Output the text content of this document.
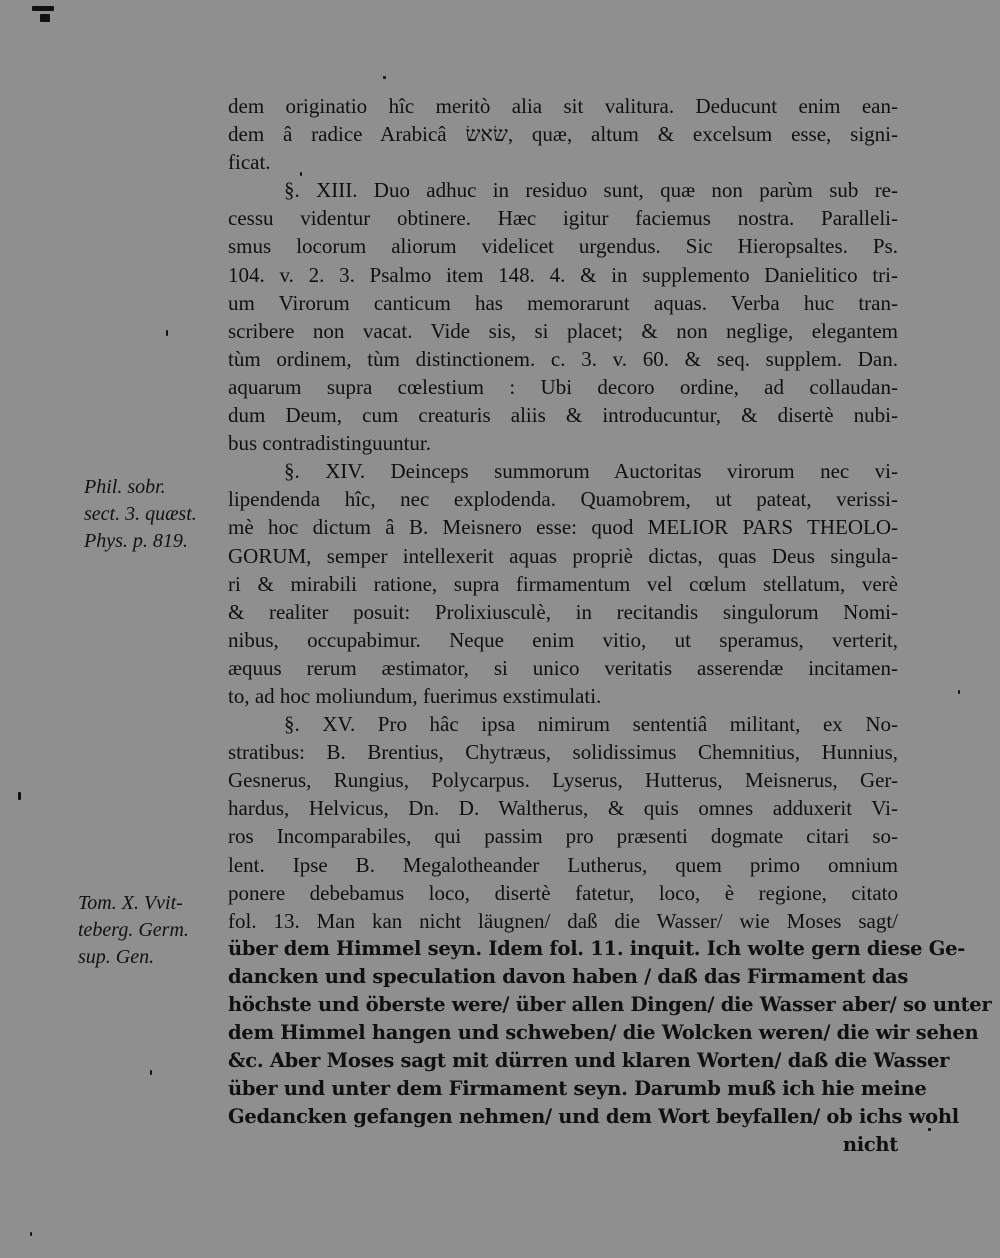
Phil. sobr.
sect. 3. quæst.
Phys. p. 819.
Tom. X. Vvit-
teberg. Germ.
sup. Gen.
dem originatio hîc meritò alia sit valitura. Deducunt enim ean-
dem â radice Arabicâ שׂאשׂ, quæ, altum & excelsum esse, signi-
ficat.
§. XIII. Duo adhuc in residuo sunt, quæ non parùm sub re-
cessu videntur obtinere. Hæc igitur faciemus nostra. Paralleli-
smus locorum aliorum videlicet urgendus. Sic Hieropsaltes. Ps.
104. v. 2. 3. Psalmo item 148. 4. & in supplemento Danielitico tri-
um Virorum canticum has memorarunt aquas. Verba huc tran-
scribere non vacat. Vide sis, si placet; & non neglige, elegantem
tùm ordinem, tùm distinctionem. c. 3. v. 60. & seq. supplem. Dan.
aquarum supra cœlestium : Ubi decoro ordine, ad collaudan-
dum Deum, cum creaturis aliis & introducuntur, & disertè nubi-
bus contradistinguuntur.
§. XIV. Deinceps summorum Auctoritas virorum nec vi-
lipendenda hîc, nec explodenda. Quamobrem, ut pateat, verissi-
mè hoc dictum â B. Meisnero esse: quod MELIOR PARS THEOLO-
GORUM, semper intellexerit aquas propriè dictas, quas Deus singula-
ri & mirabili ratione, supra firmamentum vel cœlum stellatum, verè
& realiter posuit: Prolixiusculè, in recitandis singulorum Nomi-
nibus, occupabimur. Neque enim vitio, ut speramus, verterit,
æquus rerum æstimator, si unico veritatis asserendæ incitamen-
to, ad hoc moliundum, fuerimus exstimulati.
§. XV. Pro hâc ipsa nimirum sententiâ militant, ex No-
stratibus: B. Brentius, Chytræus, solidissimus Chemnitius, Hunnius,
Gesnerus, Rungius, Polycarpus. Lyserus, Hutterus, Meisnerus, Ger-
hardus, Helvicus, Dn. D. Waltherus, & quis omnes adduxerit Vi-
ros Incomparabiles, qui passim pro præsenti dogmate citari so-
lent. Ipse B. Megalotheander Lutherus, quem primo omnium
ponere debebamus loco, disertè fatetur, loco, è regione, citato
fol. 13. Man kan nicht läugnen/ daß die Wasser/ wie Moses sagt/
über dem Himmel seyn. Idem fol. 11. inquit. Ich wolte gern diese Ge-
dancken und speculation davon haben / daß das Firmament das
höchste und öberste were/ über allen Dingen/ die Wasser aber/ so unter
dem Himmel hangen und schweben/ die Wolcken weren/ die wir sehen
&c. Aber Moses sagt mit dürren und klaren Worten/ daß die Wasser
über und unter dem Firmament seyn. Darumb muß ich hie meine
Gedancken gefangen nehmen/ und dem Wort beyfallen/ ob ichs wohl
nicht
